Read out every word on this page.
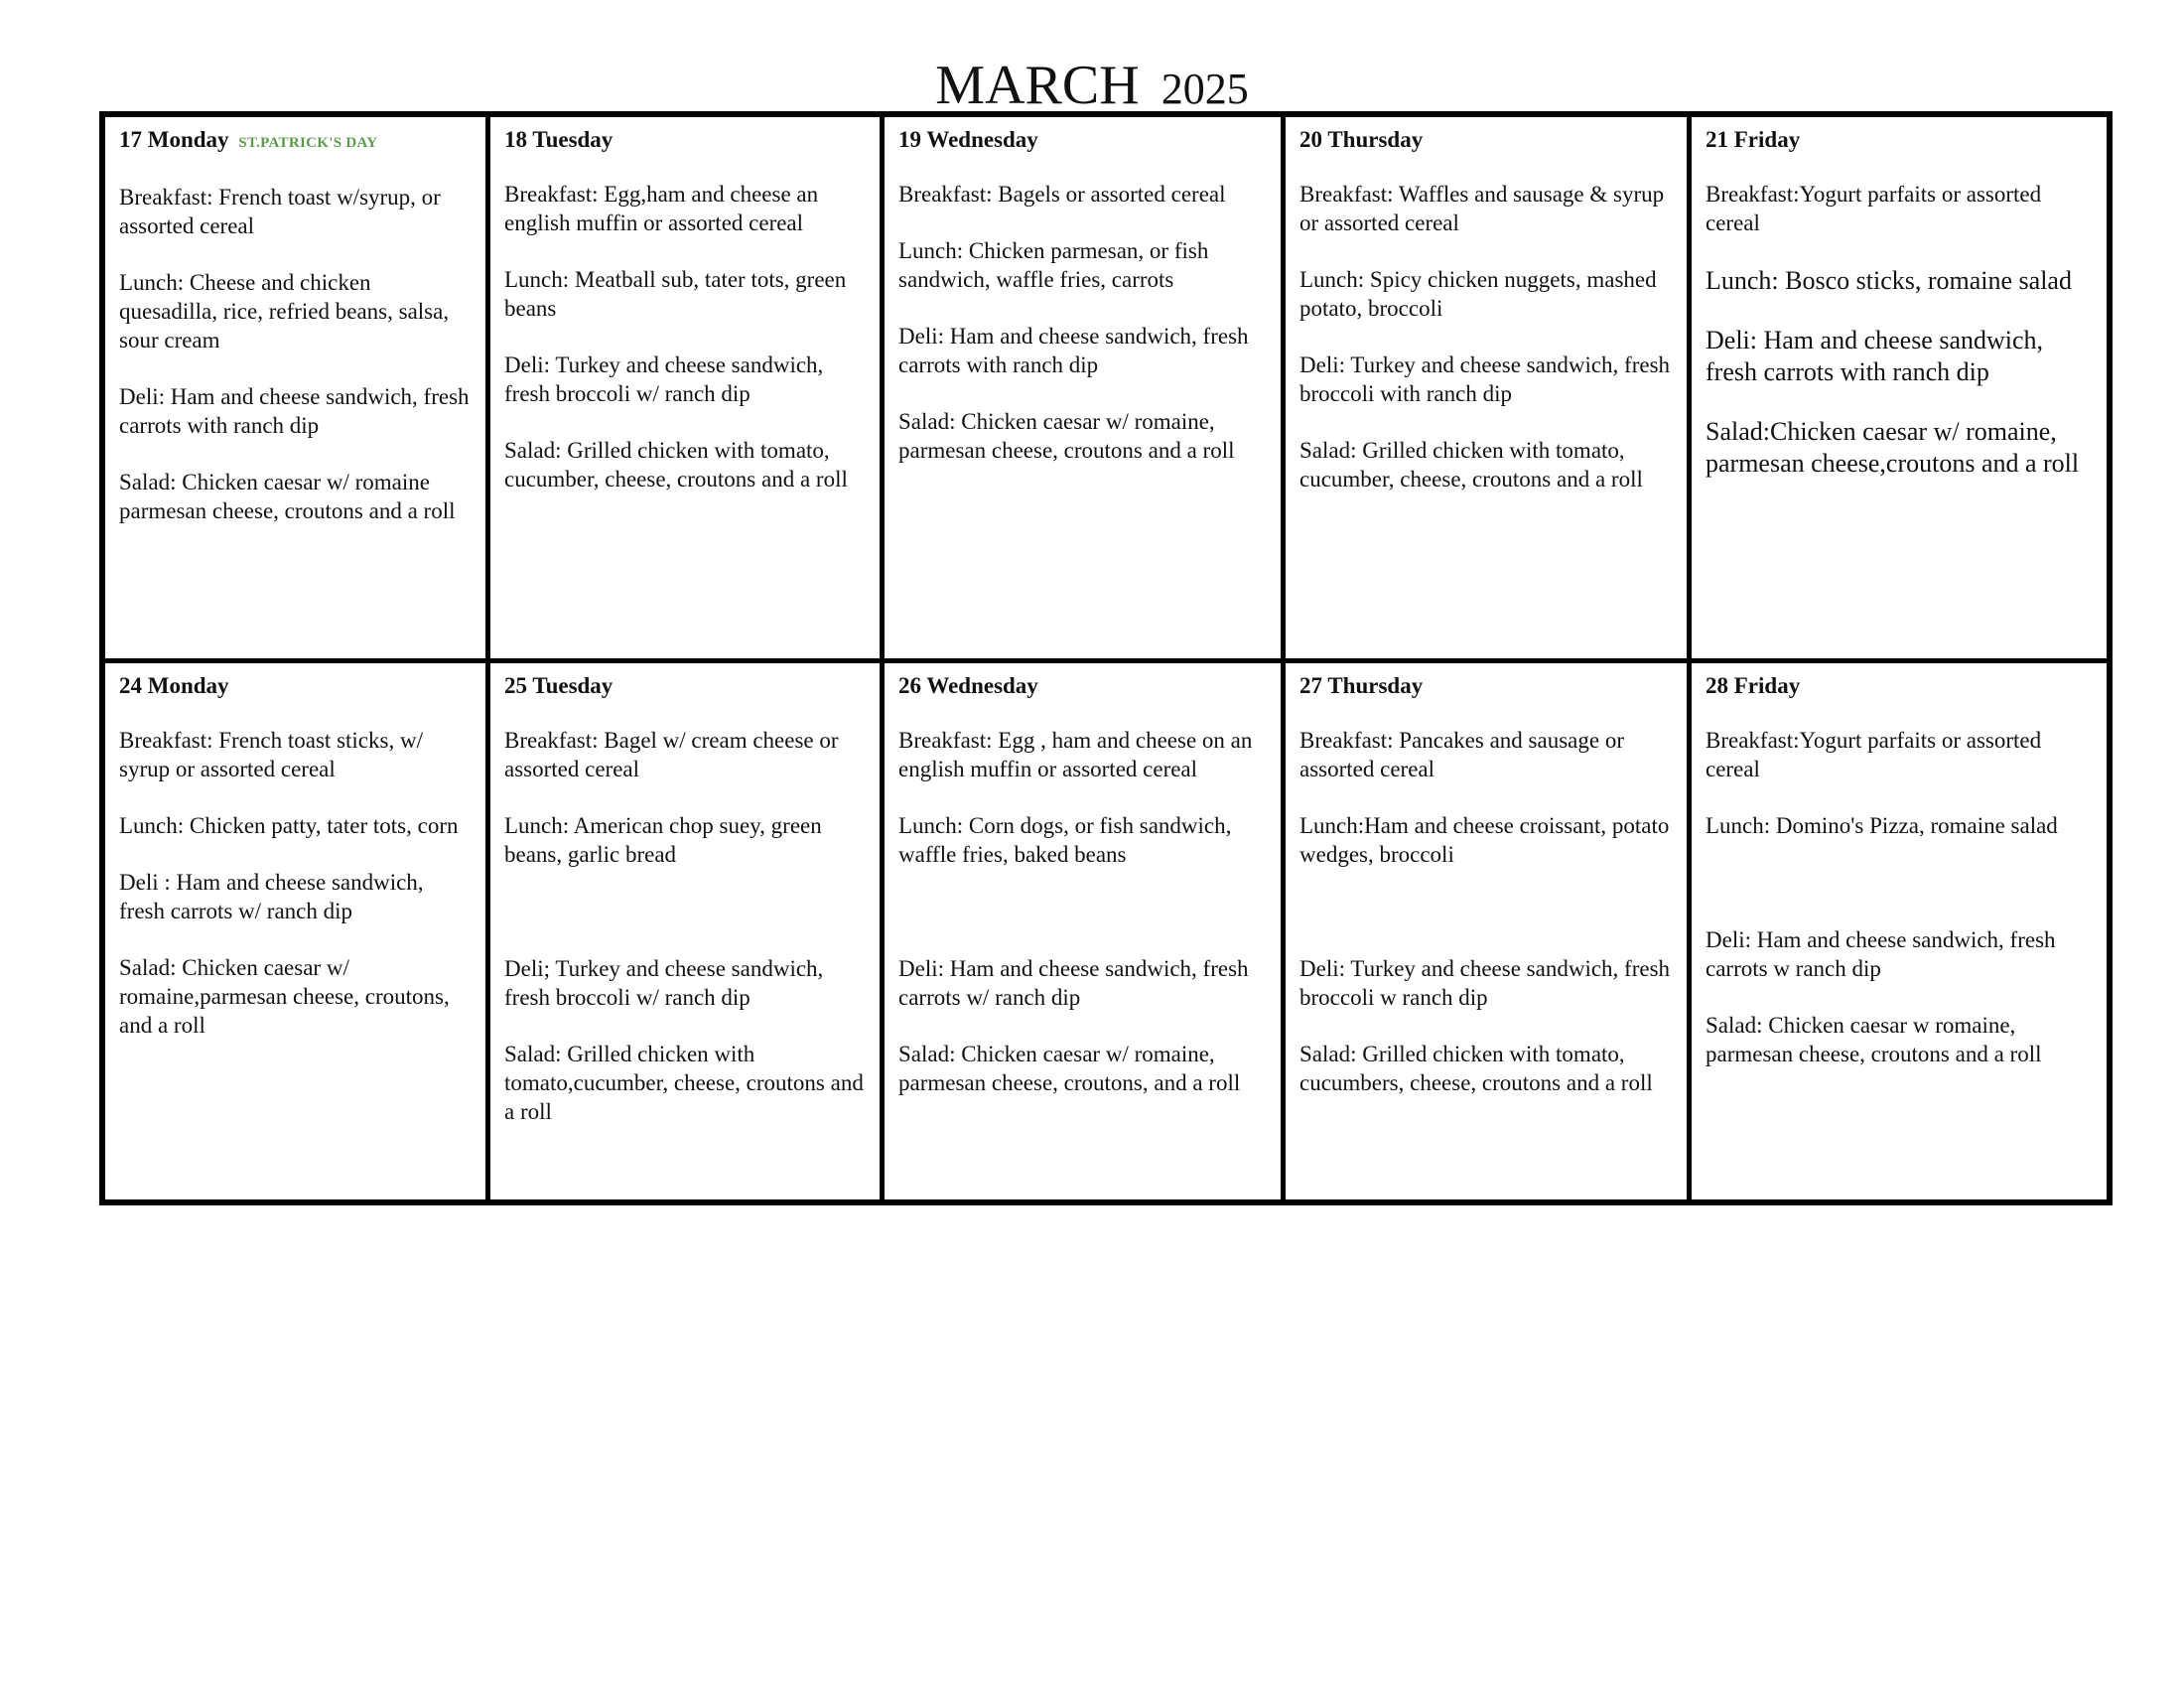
MARCH 2025
17 Monday ST.PATRICK'S DAY
Breakfast: French toast w/syrup, or assorted cereal
Lunch: Cheese and chicken quesadilla, rice, refried beans, salsa, sour cream
Deli: Ham and cheese sandwich, fresh carrots with ranch dip
Salad: Chicken caesar w/ romaine parmesan cheese, croutons and a roll
18 Tuesday
Breakfast: Egg,ham and cheese an english muffin or assorted cereal
Lunch: Meatball sub, tater tots, green beans
Deli: Turkey and cheese sandwich, fresh broccoli w/ ranch dip
Salad: Grilled chicken with tomato, cucumber, cheese, croutons and a roll
19 Wednesday
Breakfast: Bagels or assorted cereal
Lunch: Chicken parmesan, or fish sandwich, waffle fries, carrots
Deli: Ham and cheese sandwich, fresh carrots with ranch dip
Salad: Chicken caesar w/ romaine, parmesan cheese, croutons and a roll
20 Thursday
Breakfast: Waffles and sausage & syrup or assorted cereal
Lunch: Spicy chicken nuggets, mashed potato, broccoli
Deli: Turkey and cheese sandwich, fresh broccoli with ranch dip
Salad: Grilled chicken with tomato, cucumber, cheese, croutons and a roll
21 Friday
Breakfast:Yogurt parfaits or assorted cereal
Lunch: Bosco sticks, romaine salad
Deli: Ham and cheese sandwich, fresh carrots with ranch dip
Salad:Chicken caesar w/ romaine, parmesan cheese,croutons and a roll
24 Monday
Breakfast: French toast sticks, w/ syrup or assorted cereal
Lunch: Chicken patty, tater tots, corn
Deli : Ham and cheese sandwich, fresh carrots w/ ranch dip
Salad: Chicken caesar w/ romaine,parmesan cheese, croutons, and a roll
25 Tuesday
Breakfast: Bagel w/ cream cheese or assorted cereal
Lunch: American chop suey, green beans, garlic bread
Deli; Turkey and cheese sandwich, fresh broccoli w/ ranch dip
Salad: Grilled chicken with tomato,cucumber, cheese, croutons and a roll
26 Wednesday
Breakfast: Egg , ham and cheese on an english muffin or assorted cereal
Lunch: Corn dogs, or fish sandwich, waffle fries, baked beans
Deli: Ham and cheese sandwich, fresh carrots w/ ranch dip
Salad: Chicken caesar w/ romaine, parmesan cheese, croutons, and a roll
27 Thursday
Breakfast: Pancakes and sausage or assorted cereal
Lunch:Ham and cheese croissant, potato wedges, broccoli
Deli: Turkey and cheese sandwich, fresh broccoli w ranch dip
Salad: Grilled chicken with tomato, cucumbers, cheese, croutons and a roll
28 Friday
Breakfast:Yogurt parfaits or assorted cereal
Lunch: Domino's Pizza, romaine salad
Deli: Ham and cheese sandwich, fresh carrots w ranch dip
Salad: Chicken caesar w romaine, parmesan cheese, croutons and a roll
